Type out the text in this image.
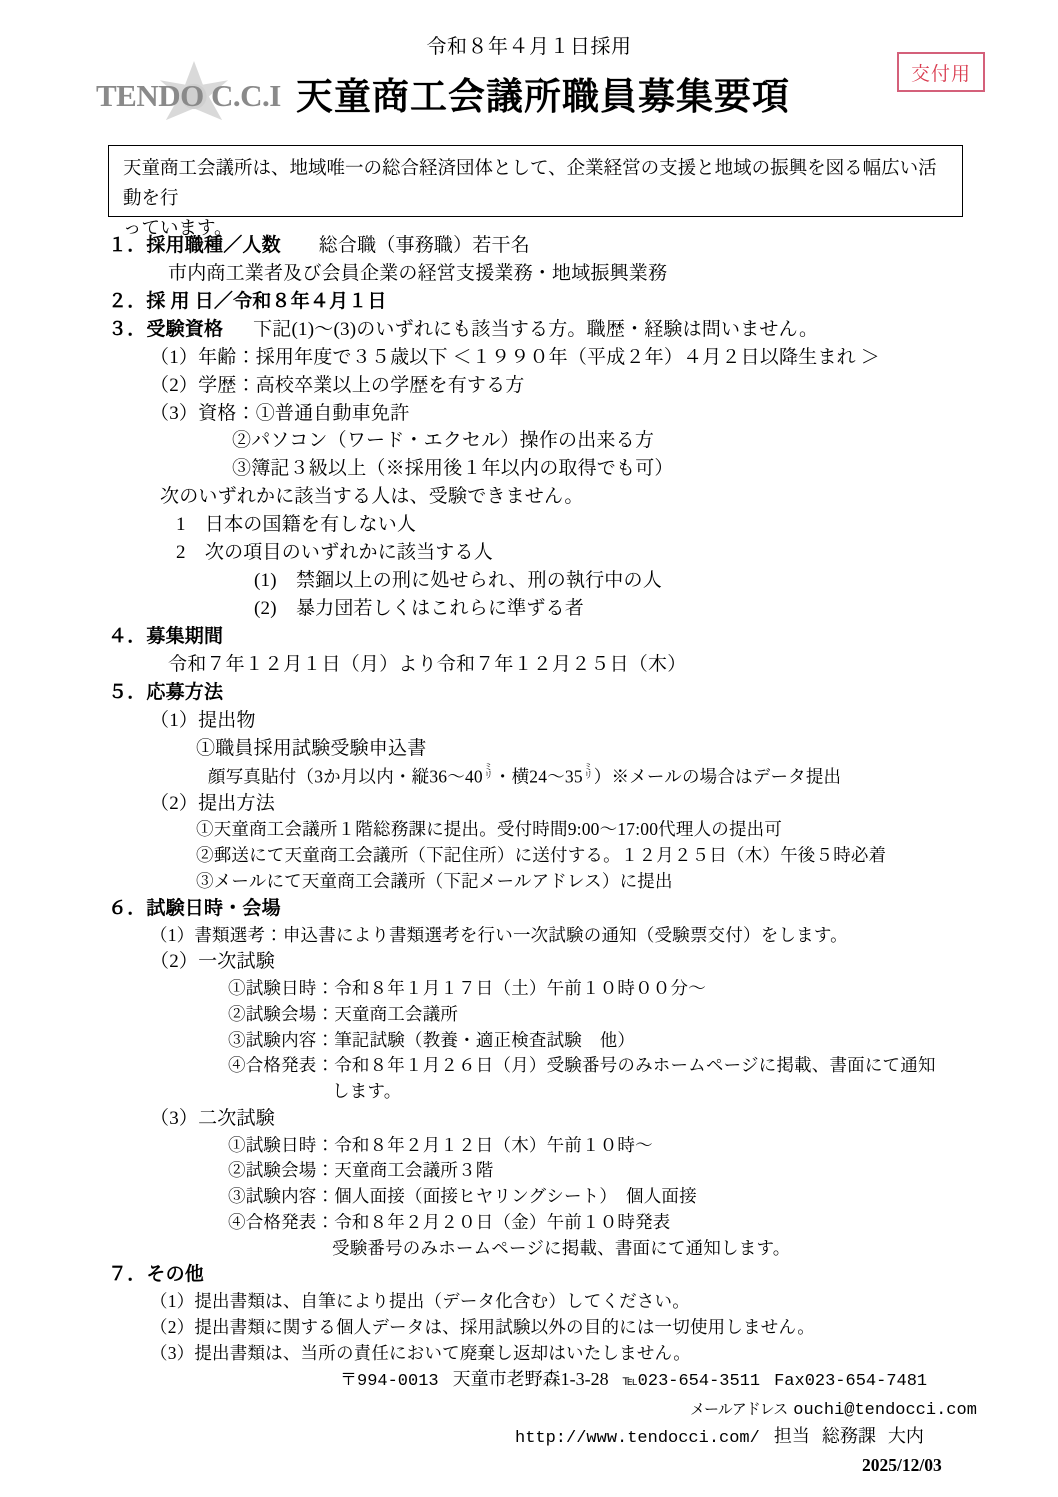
令和８年４月１日採用
交付用
TENDO C.C.I 天童商工会議所職員募集要項
天童商工会議所は、地域唯一の総合経済団体として、企業経営の支援と地域の振興を図る幅広い活動を行
っています。
１．採用職種／人数 総合職（事務職）若干名
市内商工業者及び会員企業の経営支援業務・地域振興業務
２．採 用 日／令和８年４月１日
３．受験資格 下記(1)〜(3)のいずれにも該当する方。職歴・経験は問いません。
（1）年齢：採用年度で３５歳以下 ＜１９９０年（平成２年）４月２日以降生まれ ＞
（2）学歴：高校卒業以上の学歴を有する方
（3）資格：①普通自動車免許
②パソコン（ワード・エクセル）操作の出来る方
③簿記３級以上（※採用後１年以内の取得でも可）
次のいずれかに該当する人は、受験できません。
1　日本の国籍を有しない人
2　次の項目のいずれかに該当する人
(1)　禁錮以上の刑に処せられ、刑の執行中の人
(2)　暴力団若しくはこれらに準ずる者
４．募集期間
令和７年１２月１日（月）より令和７年１２月２５日（木）
５．応募方法
（1）提出物
①職員採用試験受験申込書
顔写真貼付（3か月以内・縦36〜40ミ
リ・横24〜35ミ
リ）※メールの場合はデータ提出
（2）提出方法
①天童商工会議所１階総務課に提出。受付時間9:00〜17:00代理人の提出可
②郵送にて天童商工会議所（下記住所）に送付する。１２月２５日（木）午後５時必着
③メールにて天童商工会議所（下記メールアドレス）に提出
６．試験日時・会場
（1）書類選考：申込書により書類選考を行い一次試験の通知（受験票交付）をします。
（2）一次試験
①試験日時：令和８年１月１７日（土）午前１０時００分〜
②試験会場：天童商工会議所
③試験内容：筆記試験（教養・適正検査試験　他）
④合格発表：令和８年１月２６日（月）受験番号のみホームページに掲載、書面にて通知
します。
（3）二次試験
①試験日時：令和８年２月１２日（木）午前１０時〜
②試験会場：天童商工会議所３階
③試験内容：個人面接（面接ヒヤリングシート）　個人面接
④合格発表：令和８年２月２０日（金）午前１０時発表
受験番号のみホームページに掲載、書面にて通知します。
７．その他
（1）提出書類は、自筆により提出（データ化含む）してください。
（2）提出書類に関する個人データは、採用試験以外の目的には一切使用しません。
（3）提出書類は、当所の責任において廃棄し返却はいたしません。
〒994-0013 天童市老野森1-3-28 ℡023-654-3511 Fax023-654-7481
メールアドレス ouchi@tendocci.com
http://www.tendocci.com/ 担当 総務課 大内
2025/12/03
